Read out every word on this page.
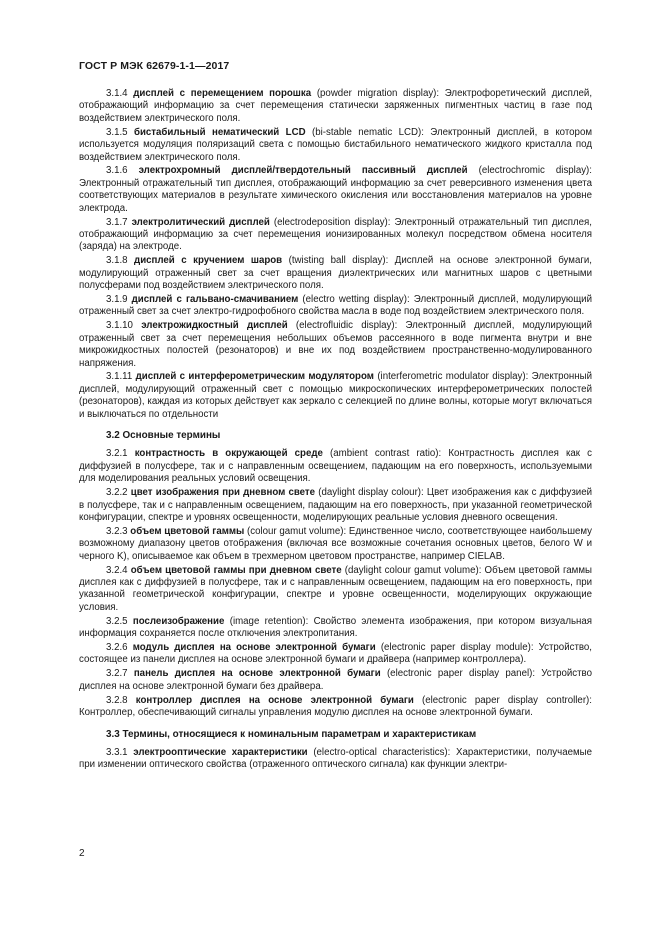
ГОСТ Р МЭК 62679-1-1—2017

3.1.4 дисплей с перемещением порошка (powder migration display): Электрофоретический дисплей, отображающий информацию за счет перемещения статически заряженных пигментных частиц в газе под воздействием электрического поля.

3.1.5 бистабильный нематический LCD (bi-stable nematic LCD): Электронный дисплей, в котором используется модуляция поляризаций света с помощью бистабильного нематического жидкого кристалла под воздействием электрического поля.

3.1.6 электрохромный дисплей/твердотельный пассивный дисплей (electrochromic display): Электронный отражательный тип дисплея, отображающий информацию за счет реверсивного изменения цвета соответствующих материалов в результате химического окисления или восстановления материалов на уровне электрода.

3.1.7 электролитический дисплей (electrodeposition display): Электронный отражательный тип дисплея, отображающий информацию за счет перемещения ионизированных молекул посредством обмена носителя (заряда) на электроде.

3.1.8 дисплей с кручением шаров (twisting ball display): Дисплей на основе электронной бумаги, модулирующий отраженный свет за счет вращения диэлектрических или магнитных шаров с цветными полусферами под воздействием электрического поля.

3.1.9 дисплей с гальвано-смачиванием (electro wetting display): Электронный дисплей, модулирующий отраженный свет за счет электро-гидрофобного свойства масла в воде под воздействием электрического поля.

3.1.10 электрожидкостный дисплей (electrofluidic display): Электронный дисплей, модулирующий отраженный свет за счет перемещения небольших объемов рассеянного в воде пигмента внутри и вне микрожидкостных полостей (резонаторов) и вне их под воздействием пространственно-модулированного напряжения.

3.1.11 дисплей с интерферометрическим модулятором (interferometric modulator display): Электронный дисплей, модулирующий отраженный свет с помощью микроскопических интерферометрических полостей (резонаторов), каждая из которых действует как зеркало с селекцией по длине волны, которые могут включаться и выключаться по отдельности

3.2 Основные термины

3.2.1 контрастность в окружающей среде (ambient contrast ratio): Контрастность дисплея как с диффузией в полусфере, так и с направленным освещением, падающим на его поверхность, используемыми для моделирования реальных условий освещения.

3.2.2 цвет изображения при дневном свете (daylight display colour): Цвет изображения как с диффузией в полусфере, так и с направленным освещением, падающим на его поверхность, при указанной геометрической конфигурации, спектре и уровнях освещенности, моделирующих реальные условия дневного освещения.

3.2.3 объем цветовой гаммы (colour gamut volume): Единственное число, соответствующее наибольшему возможному диапазону цветов отображения (включая все возможные сочетания основных цветов, белого W и черного K), описываемое как объем в трехмерном цветовом пространстве, например CIELAB.

3.2.4 объем цветовой гаммы при дневном свете (daylight colour gamut volume): Объем цветовой гаммы дисплея как с диффузией в полусфере, так и с направленным освещением, падающим на его поверхность, при указанной геометрической конфигурации, спектре и уровне освещенности, моделирующих окружающие условия.

3.2.5 послеизображение (image retention): Свойство элемента изображения, при котором визуальная информация сохраняется после отключения электропитания.

3.2.6 модуль дисплея на основе электронной бумаги (electronic paper display module): Устройство, состоящее из панели дисплея на основе электронной бумаги и драйвера (например контроллера).

3.2.7 панель дисплея на основе электронной бумаги (electronic paper display panel): Устройство дисплея на основе электронной бумаги без драйвера.

3.2.8 контроллер дисплея на основе электронной бумаги (electronic paper display controller): Контроллер, обеспечивающий сигналы управления модулю дисплея на основе электронной бумаги.

3.3 Термины, относящиеся к номинальным параметрам и характеристикам

3.3.1 электрооптические характеристики (electro-optical characteristics): Характеристики, получаемые при изменении оптического свойства (отраженного оптического сигнала) как функции электри-

2
